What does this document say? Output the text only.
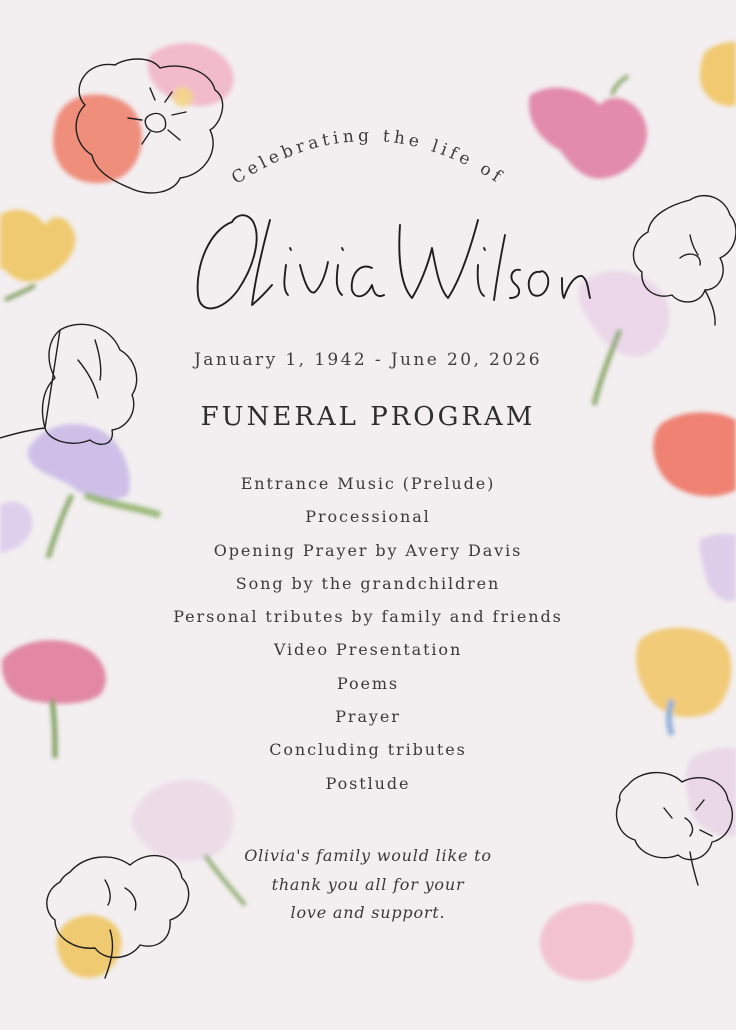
Celebrating the life of
January 1, 1942 - June 20, 2026
FUNERAL PROGRAM
Entrance Music (Prelude)
Processional
Opening Prayer by Avery Davis
Song by the grandchildren
Personal tributes by family and friends
Video Presentation
Poems
Prayer
Concluding tributes
Postlude
Olivia's family would like to
thank you all for your
love and support.
